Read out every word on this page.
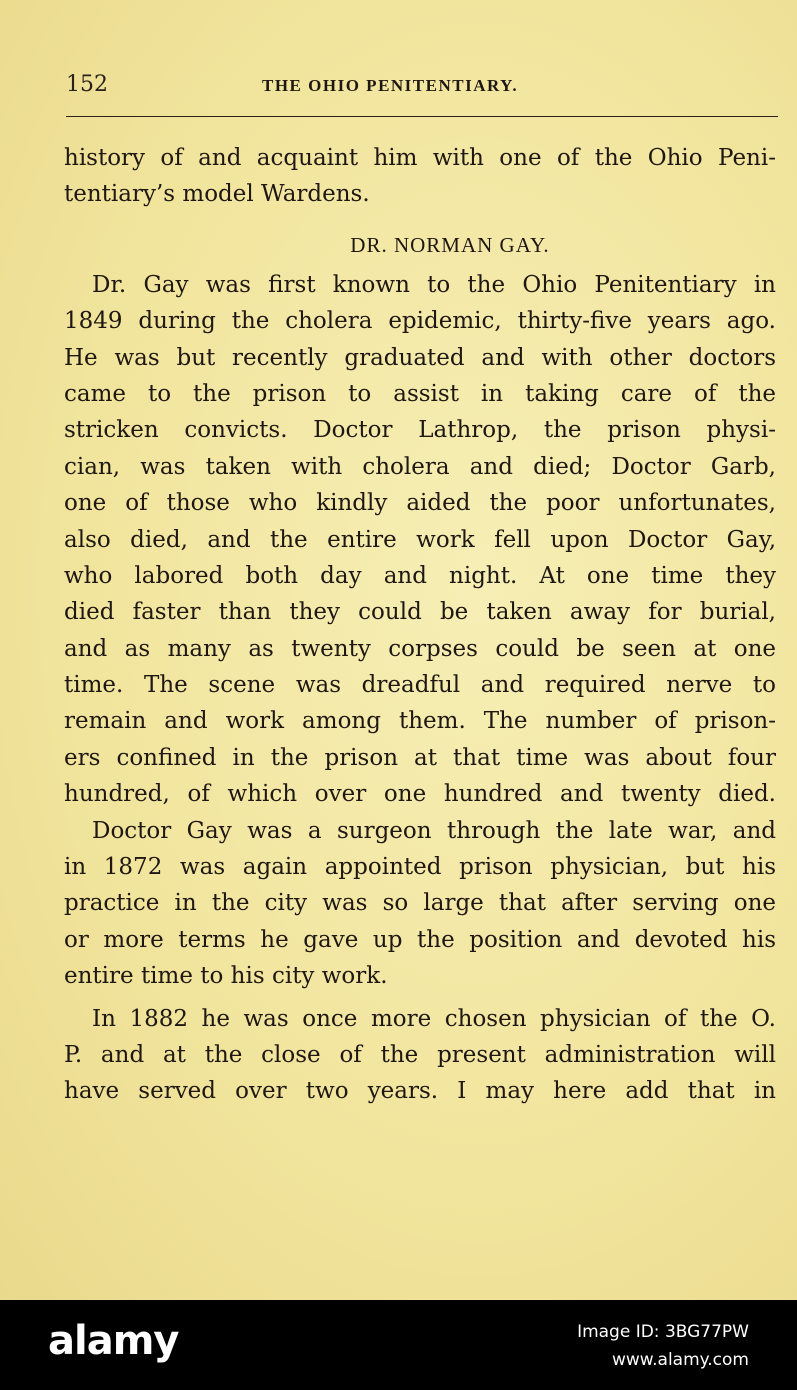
152	THE OHIO PENITENTIARY.
history of and acquaint him with one of the Ohio Peni-
tentiary’s model Wardens.
DR. NORMAN GAY.
Dr. Gay was first known to the Ohio Penitentiary in
1849 during the cholera epidemic, thirty-five years ago.
He was but recently graduated and with other doctors
came to the prison to assist in taking care of the
stricken convicts. Doctor Lathrop, the prison physi-
cian, was taken with cholera and died; Doctor Garb,
one of those who kindly aided the poor unfortunates,
also died, and the entire work fell upon Doctor Gay,
who labored both day and night. At one time they
died faster than they could be taken away for burial,
and as many as twenty corpses could be seen at one
time. The scene was dreadful and required nerve to
remain and work among them. The number of prison-
ers confined in the prison at that time was about four
hundred, of which over one hundred and twenty died.
Doctor Gay was a surgeon through the late war, and
in 1872 was again appointed prison physician, but his
practice in the city was so large that after serving one
or more terms he gave up the position and devoted his
entire time to his city work.
In 1882 he was once more chosen physician of the O.
P. and at the close of the present administration will
have served over two years. I may here add that in
alamy	Image ID: 3BG77PW
www.alamy.com
